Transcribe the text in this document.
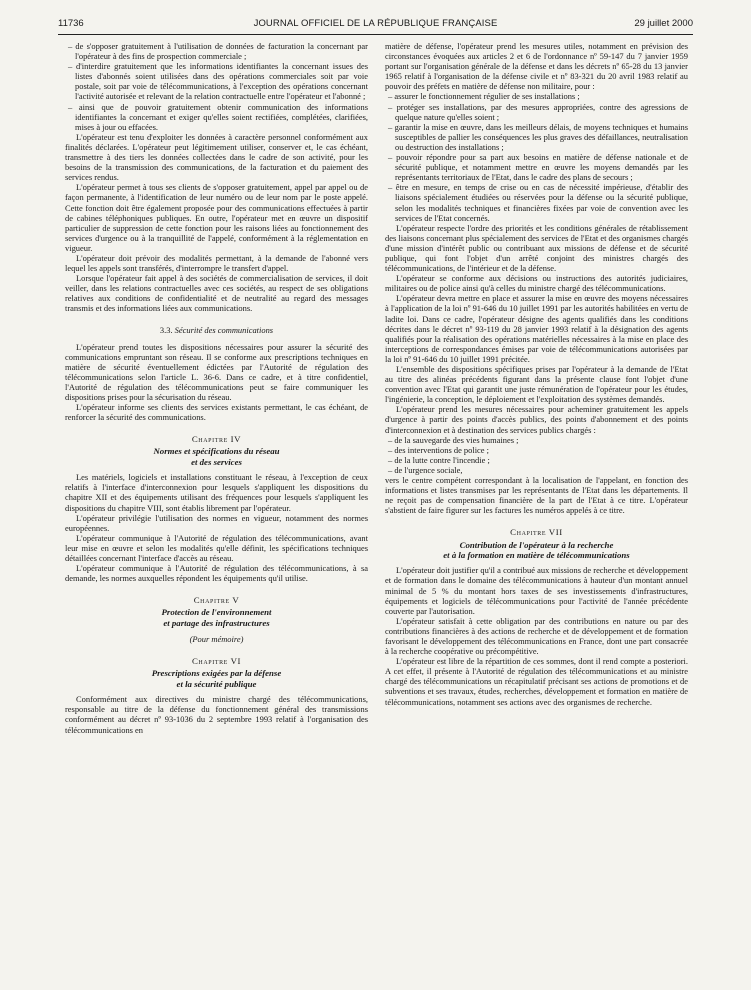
11736	JOURNAL OFFICIEL DE LA RÉPUBLIQUE FRANÇAISE	29 juillet 2000
– de s'opposer gratuitement à l'utilisation de données de facturation la concernant par l'opérateur à des fins de prospection commerciale ;
– d'interdire gratuitement que les informations identifiantes la concernant issues des listes d'abonnés soient utilisées dans des opérations commerciales soit par voie postale, soit par voie de télécommunications, à l'exception des opérations concernant l'activité autorisée et relevant de la relation contractuelle entre l'opérateur et l'abonné ;
– ainsi que de pouvoir gratuitement obtenir communication des informations identifiantes la concernant et exiger qu'elles soient rectifiées, complétées, clarifiées, mises à jour ou effacées.
L'opérateur est tenu d'exploiter les données à caractère personnel conformément aux finalités déclarées. L'opérateur peut légitimement utiliser, conserver et, le cas échéant, transmettre à des tiers les données collectées dans le cadre de son activité, pour les besoins de la transmission des communications, de la facturation et du paiement des services rendus.
L'opérateur permet à tous ses clients de s'opposer gratuitement, appel par appel ou de façon permanente, à l'identification de leur numéro ou de leur nom par le poste appelé. Cette fonction doit être également proposée pour des communications effectuées à partir de cabines téléphoniques publiques. En outre, l'opérateur met en œuvre un dispositif particulier de suppression de cette fonction pour les raisons liées au fonctionnement des services d'urgence ou à la tranquillité de l'appelé, conformément à la réglementation en vigueur.
L'opérateur doit prévoir des modalités permettant, à la demande de l'abonné vers lequel les appels sont transférés, d'interrompre le transfert d'appel.
Lorsque l'opérateur fait appel à des sociétés de commercialisation de services, il doit veiller, dans les relations contractuelles avec ces sociétés, au respect de ses obligations relatives aux conditions de confidentialité et de neutralité au regard des messages transmis et des informations liées aux communications.
3.3. Sécurité des communications
L'opérateur prend toutes les dispositions nécessaires pour assurer la sécurité des communications empruntant son réseau. Il se conforme aux prescriptions techniques en matière de sécurité éventuellement édictées par l'Autorité de régulation des télécommunications selon l'article L. 36-6. Dans ce cadre, et à titre confidentiel, l'Autorité de régulation des télécommunications peut se faire communiquer les dispositions prises pour la sécurisation du réseau.
L'opérateur informe ses clients des services existants permettant, le cas échéant, de renforcer la sécurité des communications.
Chapitre IV
Normes et spécifications du réseau
et des services
Les matériels, logiciels et installations constituant le réseau, à l'exception de ceux relatifs à l'interface d'interconnexion pour lesquels s'appliquent les dispositions du chapitre XII et des équipements utilisant des fréquences pour lesquels s'appliquent les dispositions du chapitre VIII, sont établis librement par l'opérateur.
L'opérateur privilégie l'utilisation des normes en vigueur, notamment des normes européennes.
L'opérateur communique à l'Autorité de régulation des télécommunications, avant leur mise en œuvre et selon les modalités qu'elle définit, les spécifications techniques détaillées concernant l'interface d'accès au réseau.
L'opérateur communique à l'Autorité de régulation des télécommunications, à sa demande, les normes auxquelles répondent les équipements qu'il utilise.
Chapitre V
Protection de l'environnement
et partage des infrastructures
(Pour mémoire)
Chapitre VI
Prescriptions exigées par la défense
et la sécurité publique
Conformément aux directives du ministre chargé des télécommunications, responsable au titre de la défense du fonctionnement général des transmissions conformément au décret nº 93-1036 du 2 septembre 1993 relatif à l'organisation des télécommunications en
matière de défense, l'opérateur prend les mesures utiles, notamment en prévision des circonstances évoquées aux articles 2 et 6 de l'ordonnance nº 59-147 du 7 janvier 1959 portant sur l'organisation générale de la défense et dans les décrets nº 65-28 du 13 janvier 1965 relatif à l'organisation de la défense civile et nº 83-321 du 20 avril 1983 relatif au pouvoir des préfets en matière de défense non militaire, pour :
– assurer le fonctionnement régulier de ses installations ;
– protéger ses installations, par des mesures appropriées, contre des agressions de quelque nature qu'elles soient ;
– garantir la mise en œuvre, dans les meilleurs délais, de moyens techniques et humains susceptibles de pallier les conséquences les plus graves des défaillances, neutralisation ou destruction des installations ;
– pouvoir répondre pour sa part aux besoins en matière de défense nationale et de sécurité publique, et notamment mettre en œuvre les moyens demandés par les représentants territoriaux de l'Etat, dans le cadre des plans de secours ;
– être en mesure, en temps de crise ou en cas de nécessité impérieuse, d'établir des liaisons spécialement étudiées ou réservées pour la défense ou la sécurité publique, selon les modalités techniques et financières fixées par voie de convention avec les services de l'Etat concernés.
L'opérateur respecte l'ordre des priorités et les conditions générales de rétablissement des liaisons concernant plus spécialement des services de l'Etat et des organismes chargés d'une mission d'intérêt public ou contribuant aux missions de défense et de sécurité publique, qui font l'objet d'un arrêté conjoint des ministres chargés des télécommunications, de l'intérieur et de la défense.
L'opérateur se conforme aux décisions ou instructions des autorités judiciaires, militaires ou de police ainsi qu'à celles du ministre chargé des télécommunications.
L'opérateur devra mettre en place et assurer la mise en œuvre des moyens nécessaires à l'application de la loi nº 91-646 du 10 juillet 1991 par les autorités habilitées en vertu de ladite loi. Dans ce cadre, l'opérateur désigne des agents qualifiés dans les conditions décrites dans le décret nº 93-119 du 28 janvier 1993 relatif à la désignation des agents qualifiés pour la réalisation des opérations matérielles nécessaires à la mise en place des interceptions de correspondances émises par voie de télécommunications autorisées par la loi nº 91-646 du 10 juillet 1991 précitée.
L'ensemble des dispositions spécifiques prises par l'opérateur à la demande de l'Etat au titre des alinéas précédents figurant dans la présente clause font l'objet d'une convention avec l'Etat qui garantit une juste rémunération de l'opérateur pour les études, l'ingénierie, la conception, le déploiement et l'exploitation des systèmes demandés.
L'opérateur prend les mesures nécessaires pour acheminer gratuitement les appels d'urgence à partir des points d'accès publics, des points d'abonnement et des points d'interconnexion et à destination des services publics chargés :
– de la sauvegarde des vies humaines ;
– des interventions de police ;
– de la lutte contre l'incendie ;
– de l'urgence sociale,
vers le centre compétent correspondant à la localisation de l'appelant, en fonction des informations et listes transmises par les représentants de l'Etat dans les départements. Il ne reçoit pas de compensation financière de la part de l'Etat à ce titre. L'opérateur s'abstient de faire figurer sur les factures les numéros appelés à ce titre.
Chapitre VII
Contribution de l'opérateur à la recherche
et à la formation en matière de télécommunications
L'opérateur doit justifier qu'il a contribué aux missions de recherche et développement et de formation dans le domaine des télécommunications à hauteur d'un montant annuel minimal de 5 % du montant hors taxes de ses investissements d'infrastructures, équipements et logiciels de télécommunications pour l'activité de l'année précédente couverte par l'autorisation.
L'opérateur satisfait à cette obligation par des contributions en nature ou par des contributions financières à des actions de recherche et de développement et de formation favorisant le développement des télécommunications en France, dont une part consacrée à la recherche coopérative ou précompétitive.
L'opérateur est libre de la répartition de ces sommes, dont il rend compte a posteriori. A cet effet, il présente à l'Autorité de régulation des télécommunications et au ministre chargé des télécommunications un récapitulatif précisant ses actions de promotions et de subventions et ses travaux, études, recherches, développement et formation en matière de télécommunications, notamment ses actions avec des organismes de recherche.
